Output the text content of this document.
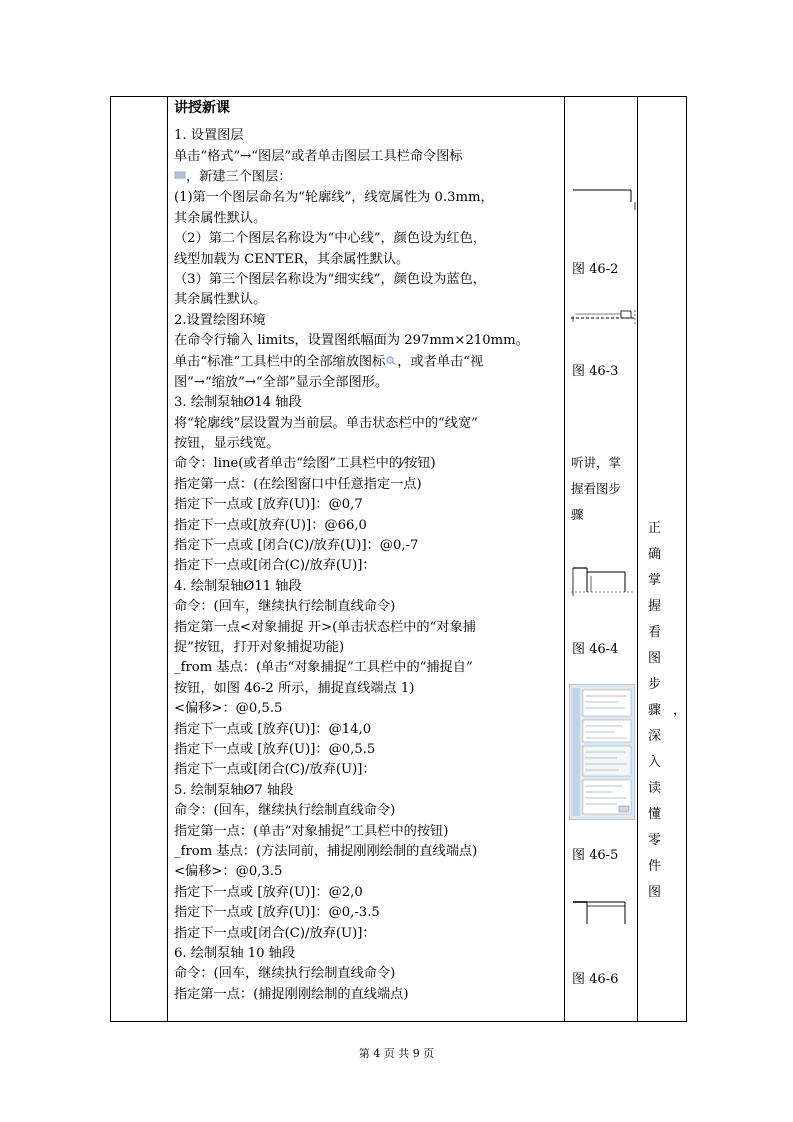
讲授新课

1. 设置图层

单击“格式”→“图层”或者单击图层工具栏命令图标

，新建三个图层：

(1)第一个图层命名为“轮廓线”，线宽属性为 0.3mm，

其余属性默认。

（2）第二个图层名称设为“中心线”，颜色设为红色，

线型加载为 CENTER，其余属性默认。

（3）第三个图层名称设为“细实线”，颜色设为蓝色，

其余属性默认。

2.设置绘图环境

在命令行输入 limits，设置图纸幅面为 297mm×210mm。

单击“标准”工具栏中的全部缩放图标 ，或者单击“视

图”→“缩放”→“全部”显示全部图形。

3. 绘制泵轴Ø14 轴段

将“轮廓线”层设置为当前层。单击状态栏中的“线宽”

按钮，显示线宽。

命令：line(或者单击“绘图”工具栏中的⁄按钮)

指定第一点：(在绘图窗口中任意指定一点)

指定下一点或 [放弃(U)]：@0,7

指定下一点或[放弃(U)]：@66,0

指定下一点或 [闭合(C)/放弃(U)]：@0,-7

指定下一点或[闭合(C)/放弃(U)]：

4. 绘制泵轴Ø11 轴段

命令：(回车，继续执行绘制直线命令)

指定第一点<对象捕捉 开>(单击状态栏中的“对象捕

捉”按钮，打开对象捕捉功能)

_from 基点：(单击“对象捕捉”工具栏中的“捕捉自”

按钮，如图 46-2 所示，捕捉直线端点 1)

<偏移>：@0,5.5

指定下一点或 [放弃(U)]：@14,0

指定下一点或 [放弃(U)]：@0,5.5

指定下一点或[闭合(C)/放弃(U)]：

5. 绘制泵轴Ø7 轴段

命令：(回车，继续执行绘制直线命令)

指定第一点：(单击“对象捕捉”工具栏中的按钮)

_from 基点：(方法同前，捕捉刚刚绘制的直线端点)

<偏移>：@0,3.5

指定下一点或 [放弃(U)]：@2,0

指定下一点或 [放弃(U)]：@0,-3.5

指定下一点或[闭合(C)/放弃(U)]：

6. 绘制泵轴 10 轴段

命令：(回车，继续执行绘制直线命令)

指定第一点：(捕捉刚刚绘制的直线端点)

图 46-2
图 46-3
听讲，掌握看图步骤
图 46-4
图 46-5
图 46-6
正确掌握看图步骤，深入读懂零件图
第 4 页 共 9 页
